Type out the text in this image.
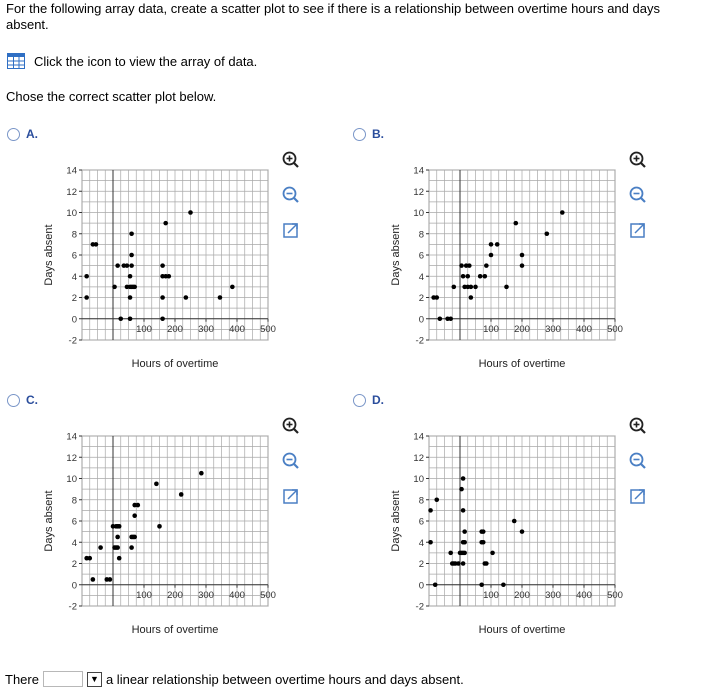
For the following array data, create a scatter plot to see if there is a relationship between overtime hours and days absent.
Click the icon to view the array of data.
Chose the correct scatter plot below.
A.	B.
C.	D.
-2
0
2
4
6
8
10
12
14
100 200 300 400 500
Hours of overtime
Days absent
-2
0
2
4
6
8
10
12
14
100 200 300 400 500
Hours of overtime
Days absent
-2
0
2
4
6
8
10
12
14
100 200 300 400 500
Hours of overtime
Days absent
-2
0
2
4
6
8
10
12
14
100 200 300 400 500
Hours of overtime
Days absent
There	▼ a linear relationship between overtime hours and days absent.
